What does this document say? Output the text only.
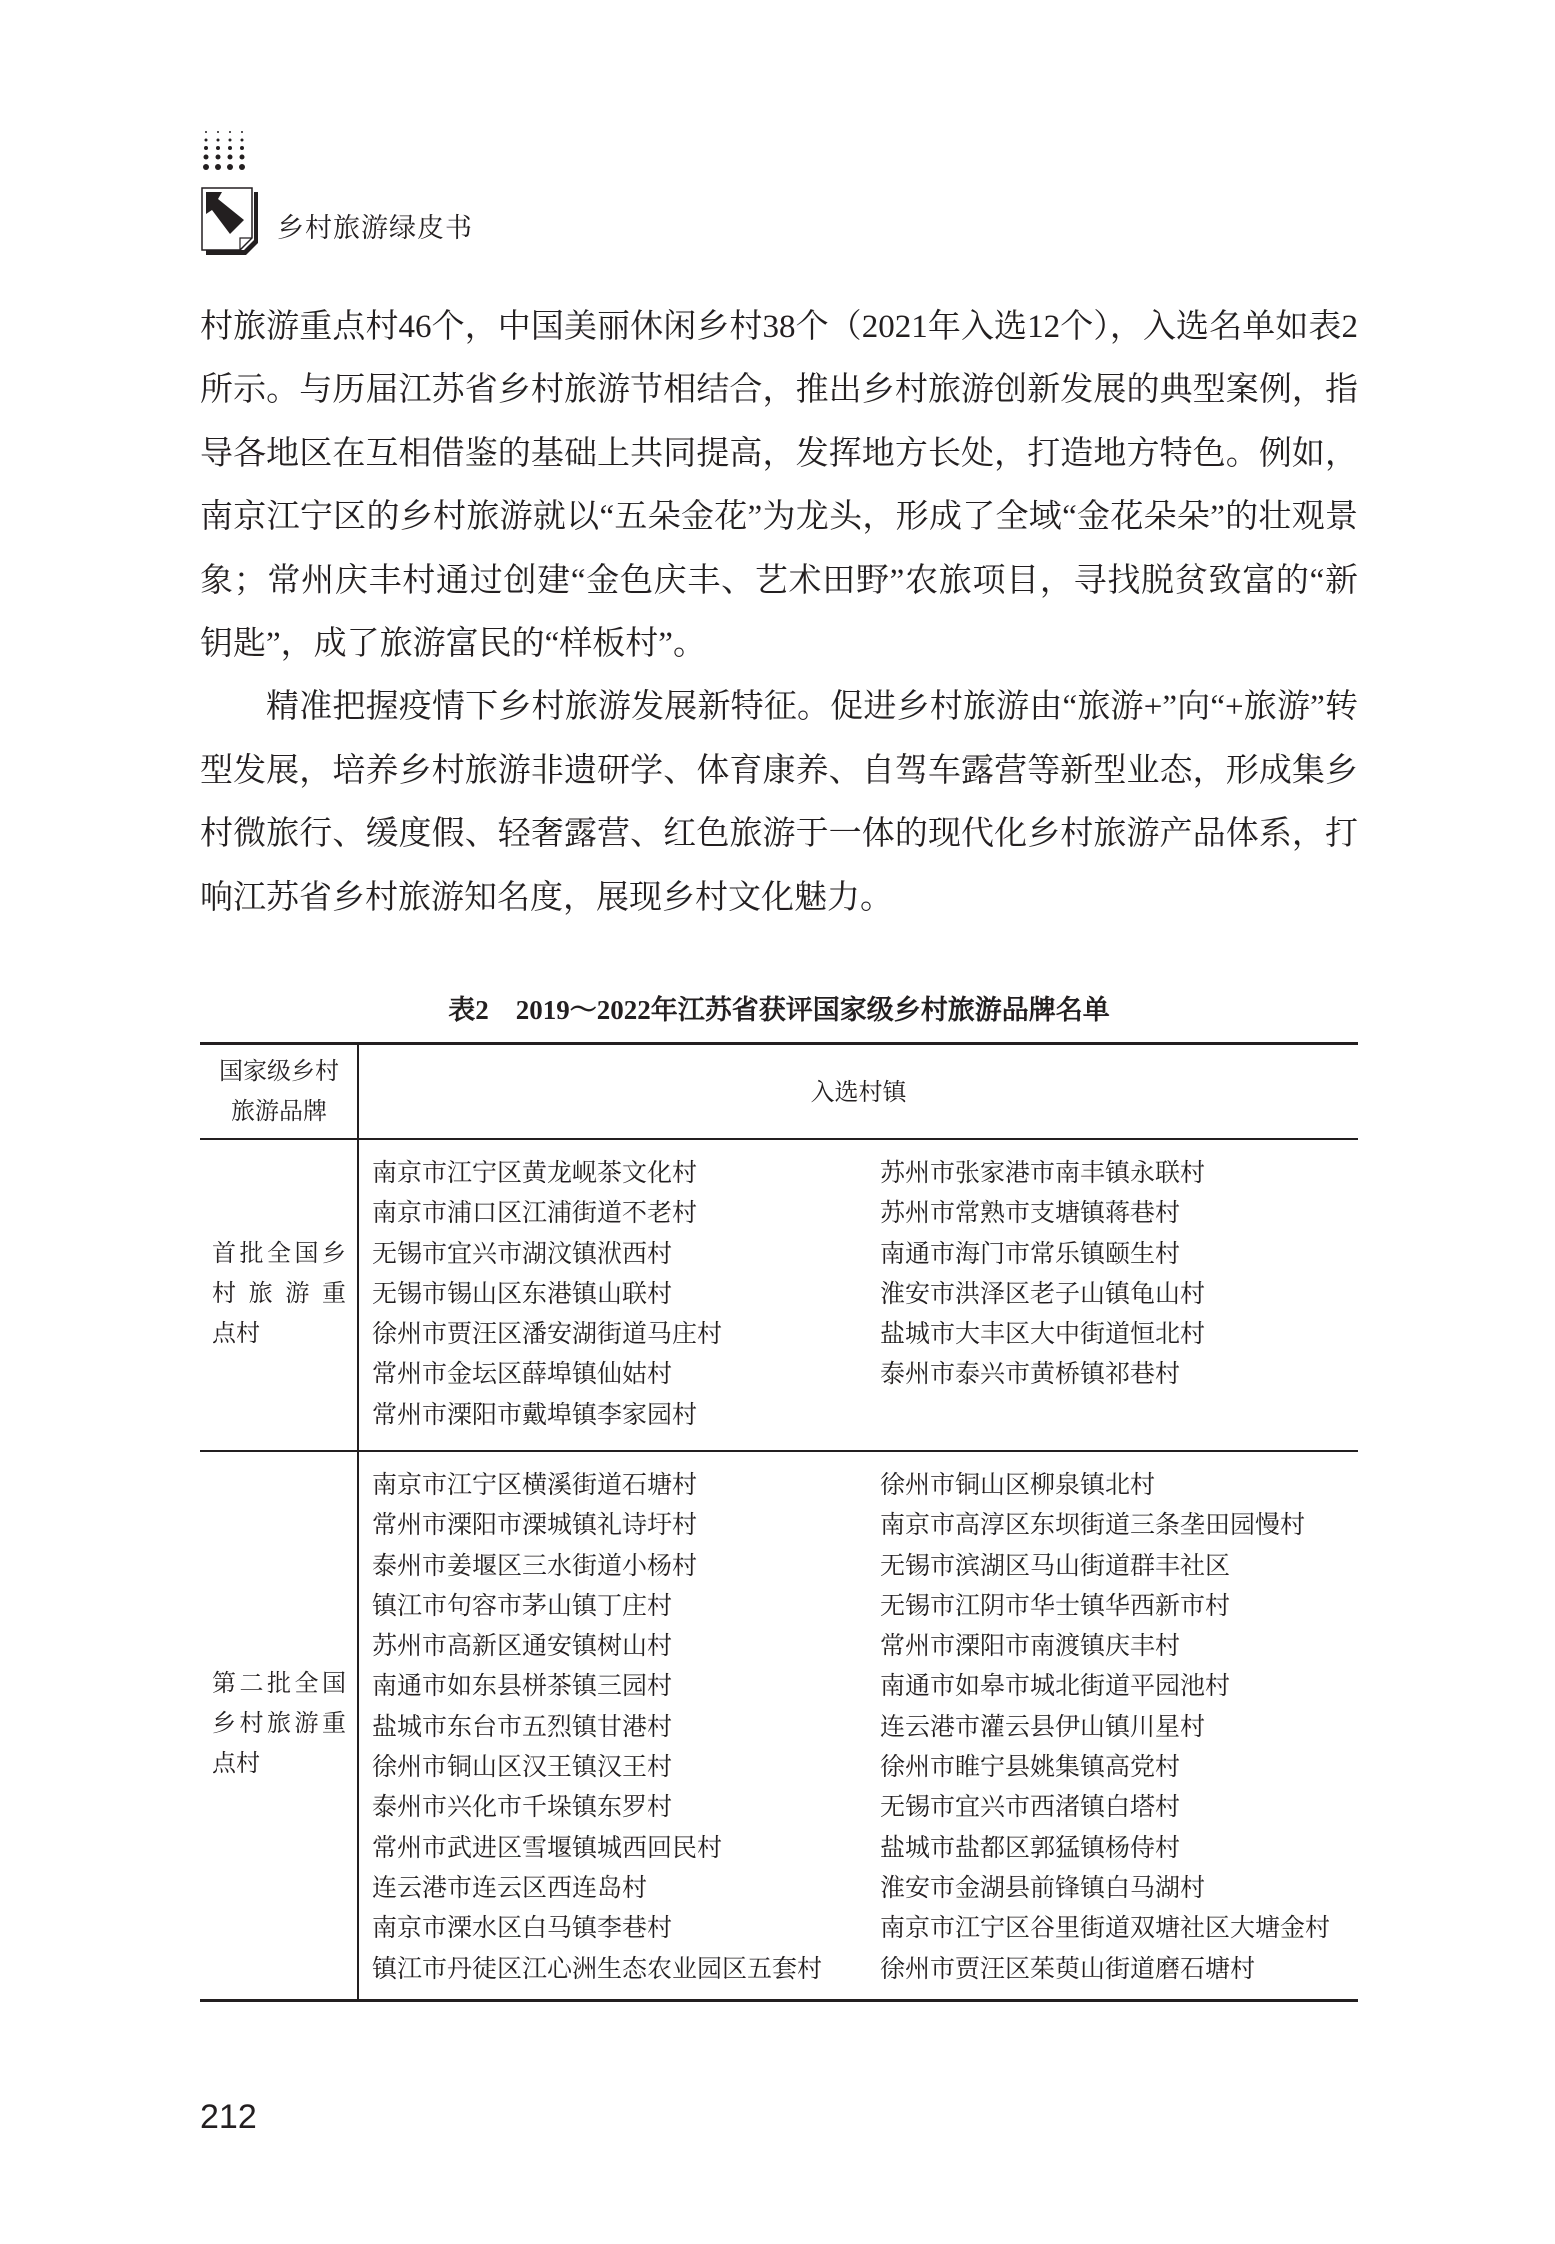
乡村旅游绿皮书

村旅游重点村46个，中国美丽休闲乡村38个（2021年入选12个），入选名单如表2所示。与历届江苏省乡村旅游节相结合，推出乡村旅游创新发展的典型案例，指导各地区在互相借鉴的基础上共同提高，发挥地方长处，打造地方特色。例如，南京江宁区的乡村旅游就以“五朵金花”为龙头，形成了全域“金花朵朵”的壮观景象；常州庆丰村通过创建“金色庆丰、艺术田野”农旅项目，寻找脱贫致富的“新钥匙”，成了旅游富民的“样板村”。

精准把握疫情下乡村旅游发展新特征。促进乡村旅游由“旅游+”向“+旅游”转型发展，培养乡村旅游非遗研学、体育康养、自驾车露营等新型业态，形成集乡村微旅行、缓度假、轻奢露营、红色旅游于一体的现代化乡村旅游产品体系，打响江苏省乡村旅游知名度，展现乡村文化魅力。

表2　2019～2022年江苏省获评国家级乡村旅游品牌名单
国家级乡村
旅游品牌
入选村镇
首批全国乡
村旅游重
点村
南京市江宁区黄龙岘茶文化村
南京市浦口区江浦街道不老村
无锡市宜兴市湖汶镇洑西村
无锡市锡山区东港镇山联村
徐州市贾汪区潘安湖街道马庄村
常州市金坛区薛埠镇仙姑村
常州市溧阳市戴埠镇李家园村
苏州市张家港市南丰镇永联村
苏州市常熟市支塘镇蒋巷村
南通市海门市常乐镇颐生村
淮安市洪泽区老子山镇龟山村
盐城市大丰区大中街道恒北村
泰州市泰兴市黄桥镇祁巷村
第二批全国
乡村旅游重
点村
南京市江宁区横溪街道石塘村
常州市溧阳市溧城镇礼诗圩村
泰州市姜堰区三水街道小杨村
镇江市句容市茅山镇丁庄村
苏州市高新区通安镇树山村
南通市如东县栟茶镇三园村
盐城市东台市五烈镇甘港村
徐州市铜山区汉王镇汉王村
泰州市兴化市千垛镇东罗村
常州市武进区雪堰镇城西回民村
连云港市连云区西连岛村
南京市溧水区白马镇李巷村
镇江市丹徒区江心洲生态农业园区五套村
徐州市铜山区柳泉镇北村
南京市高淳区东坝街道三条垄田园慢村
无锡市滨湖区马山街道群丰社区
无锡市江阴市华士镇华西新市村
常州市溧阳市南渡镇庆丰村
南通市如皋市城北街道平园池村
连云港市灌云县伊山镇川星村
徐州市睢宁县姚集镇高党村
无锡市宜兴市西渚镇白塔村
盐城市盐都区郭猛镇杨侍村
淮安市金湖县前锋镇白马湖村
南京市江宁区谷里街道双塘社区大塘金村
徐州市贾汪区茱萸山街道磨石塘村
212
